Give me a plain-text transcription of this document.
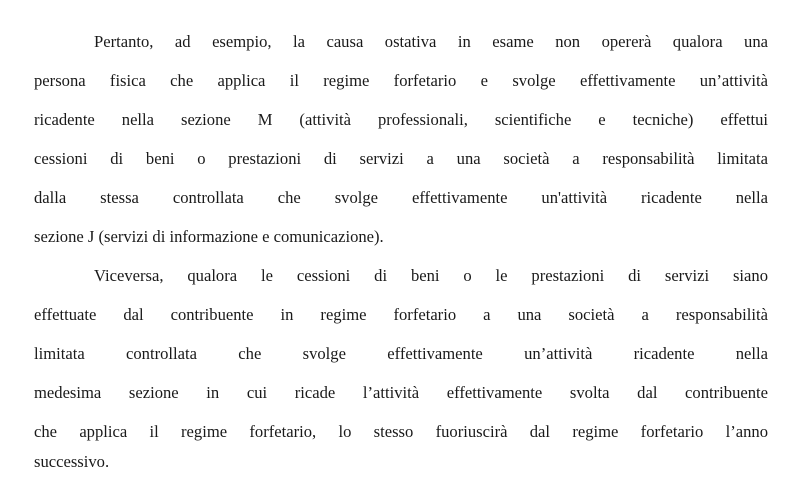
Pertanto, ad esempio, la causa ostativa in esame non opererà qualora una
persona fisica che applica il regime forfetario e svolge effettivamente un’attività
ricadente nella sezione M (attività professionali, scientifiche e tecniche) effettui
cessioni di beni o prestazioni di servizi a una società a responsabilità limitata
dalla stessa controllata che svolge effettivamente un'attività ricadente nella
sezione J (servizi di informazione e comunicazione).
Viceversa, qualora le cessioni di beni o le prestazioni di servizi siano
effettuate dal contribuente in regime forfetario a una società a responsabilità
limitata controllata che svolge effettivamente un’attività ricadente nella
medesima sezione in cui ricade l’attività effettivamente svolta dal contribuente
che applica il regime forfetario, lo stesso fuoriuscirà dal regime forfetario l’anno
successivo.
